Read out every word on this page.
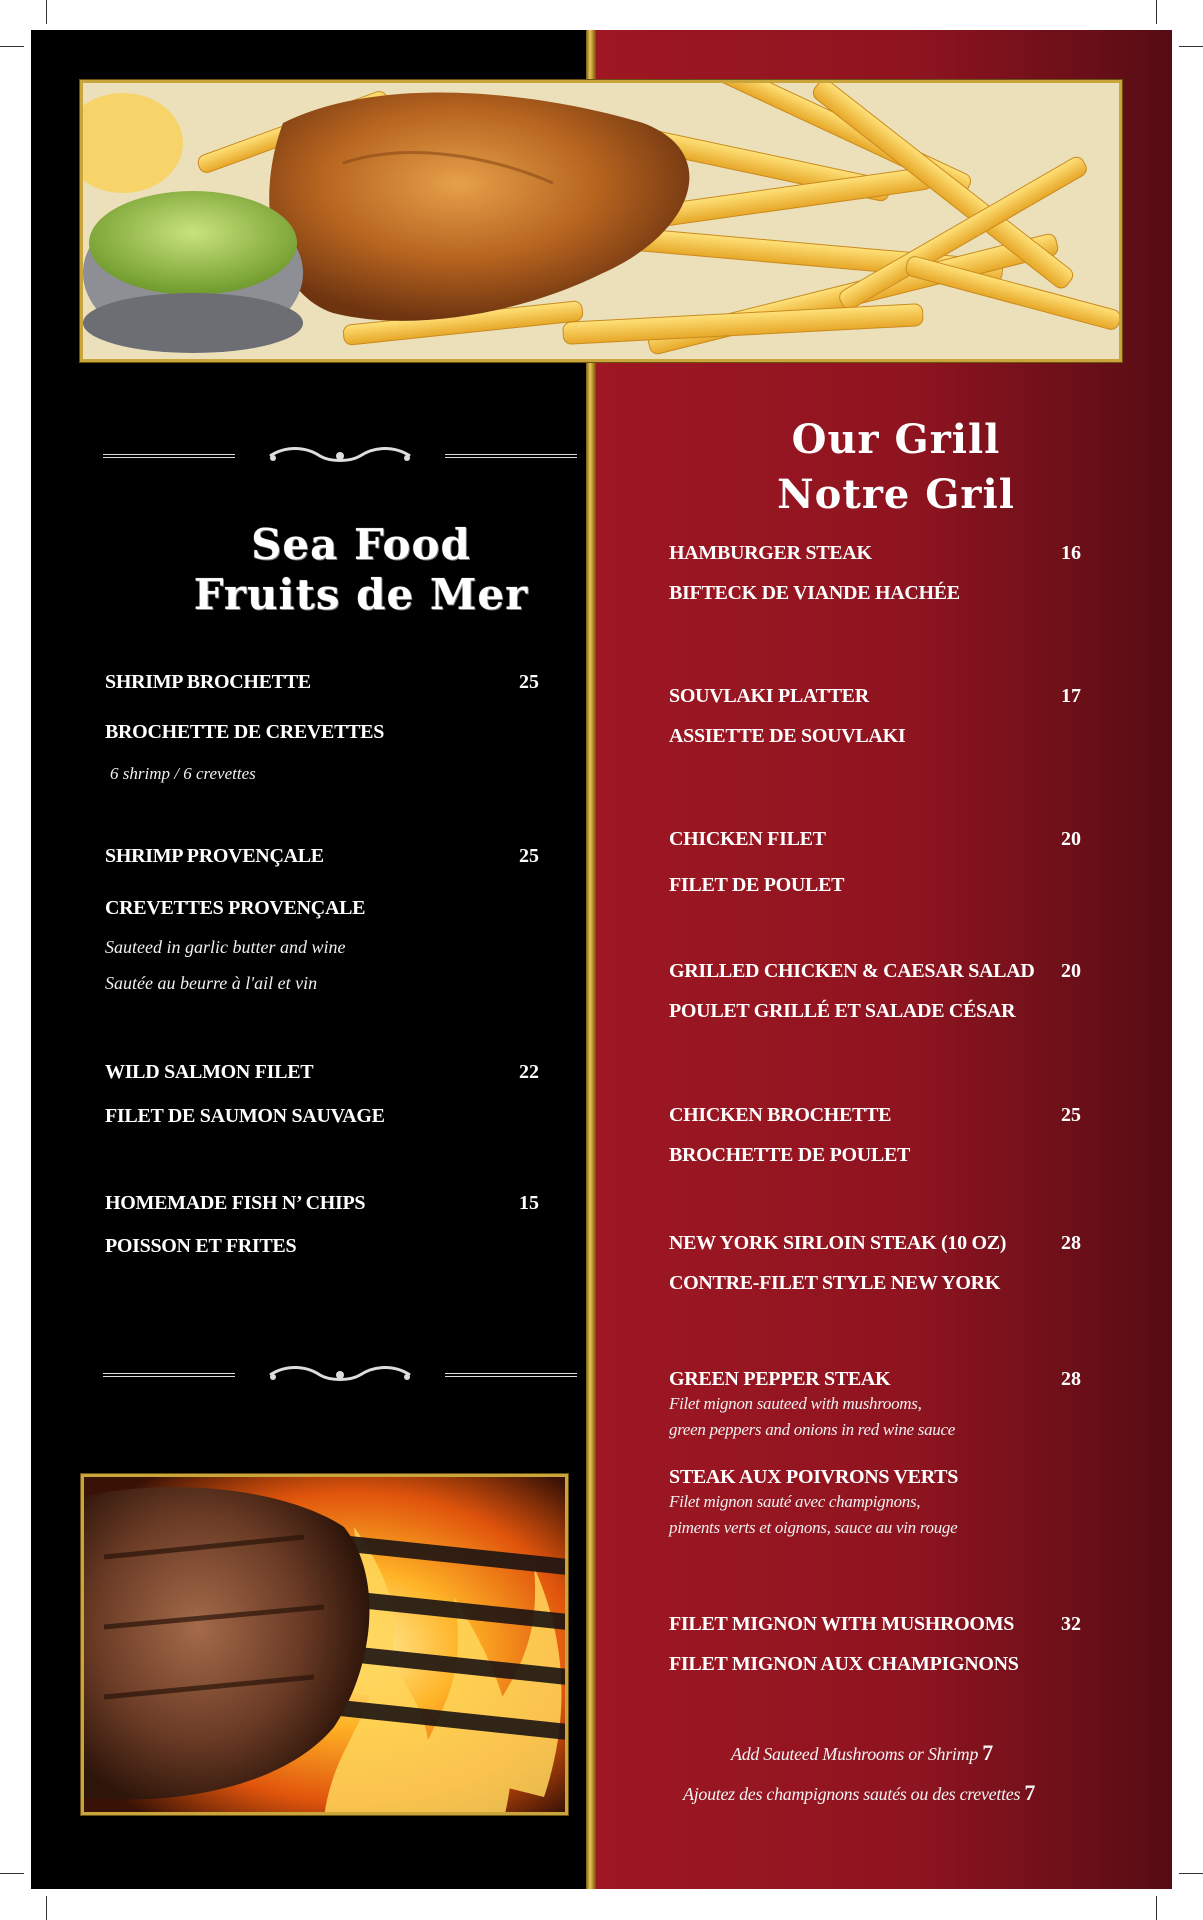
Sea Food
Fruits de Mer
Our Grill
Notre Gril
SHRIMP BROCHETTE	25
BROCHETTE DE CREVETTES
6 shrimp / 6 crevettes
SHRIMP PROVENÇALE	25
CREVETTES PROVENÇALE
Sauteed in garlic butter and wine
Sautée au beurre à l'ail et vin
WILD SALMON FILET	22
FILET DE SAUMON SAUVAGE
HOMEMADE FISH N’ CHIPS	15
POISSON ET FRITES
HAMBURGER STEAK	16
BIFTECK DE VIANDE HACHÉE
SOUVLAKI PLATTER	17
ASSIETTE DE SOUVLAKI
CHICKEN FILET	20
FILET DE POULET
GRILLED CHICKEN & CAESAR SALAD 20
POULET GRILLÉ ET SALADE CÉSAR
CHICKEN BROCHETTE	25
BROCHETTE DE POULET
NEW YORK SIRLOIN STEAK (10 OZ)	28
CONTRE-FILET STYLE NEW YORK
GREEN PEPPER STEAK	28
Filet mignon sauteed with mushrooms,
green peppers and onions in red wine sauce
STEAK AUX POIVRONS VERTS
Filet mignon sauté avec champignons,
piments verts et oignons, sauce au vin rouge
FILET MIGNON WITH MUSHROOMS 32
FILET MIGNON AUX CHAMPIGNONS
Add Sauteed Mushrooms or Shrimp 7
Ajoutez des champignons sautés ou des crevettes 7
